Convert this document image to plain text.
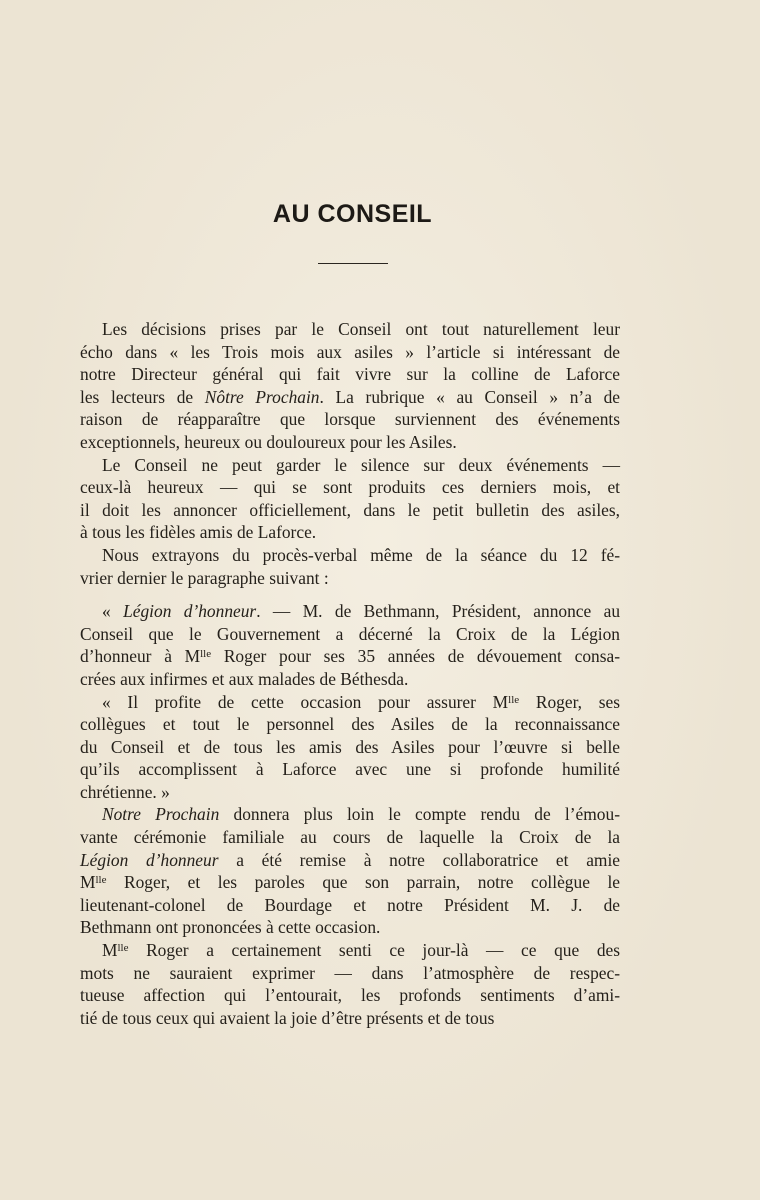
AU CONSEIL

Les décisions prises par le Conseil ont tout naturellement leur
écho dans « les Trois mois aux asiles » l’article si intéressant de
notre Directeur général qui fait vivre sur la colline de Laforce
les lecteurs de Nôtre Prochain. La rubrique « au Conseil » n’a de
raison de réapparaître que lorsque surviennent des événements
exceptionnels, heureux ou douloureux pour les Asiles.

Le Conseil ne peut garder le silence sur deux événements —
ceux-là heureux — qui se sont produits ces derniers mois, et
il doit les annoncer officiellement, dans le petit bulletin des asiles,
à tous les fidèles amis de Laforce.

Nous extrayons du procès-verbal même de la séance du 12 fé-
vrier dernier le paragraphe suivant :

« Légion d’honneur. — M. de Bethmann, Président, annonce au
Conseil que le Gouvernement a décerné la Croix de la Légion
d’honneur à $M^{lle}$ Roger pour ses 35 années de dévouement consa-
crées aux infirmes et aux malades de Béthesda.

« Il profite de cette occasion pour assurer $M^{lle}$ Roger, ses
collègues et tout le personnel des Asiles de la reconnaissance
du Conseil et de tous les amis des Asiles pour l’œuvre si belle
qu’ils accomplissent à Laforce avec une si profonde humilité
chrétienne. »

Notre Prochain donnera plus loin le compte rendu de l’émou-
vante cérémonie familiale au cours de laquelle la Croix de la
Légion d’honneur a été remise à notre collaboratrice et amie
$M^{lle}$ Roger, et les paroles que son parrain, notre collègue le
lieutenant-colonel de Bourdage et notre Président M. J. de
Bethmann ont prononcées à cette occasion.

$M^{lle}$ Roger a certainement senti ce jour-là — ce que des
mots ne sauraient exprimer — dans l’atmosphère de respec-
tueuse affection qui l’entourait, les profonds sentiments d’ami-
tié de tous ceux qui avaient la joie d’être présents et de tous
